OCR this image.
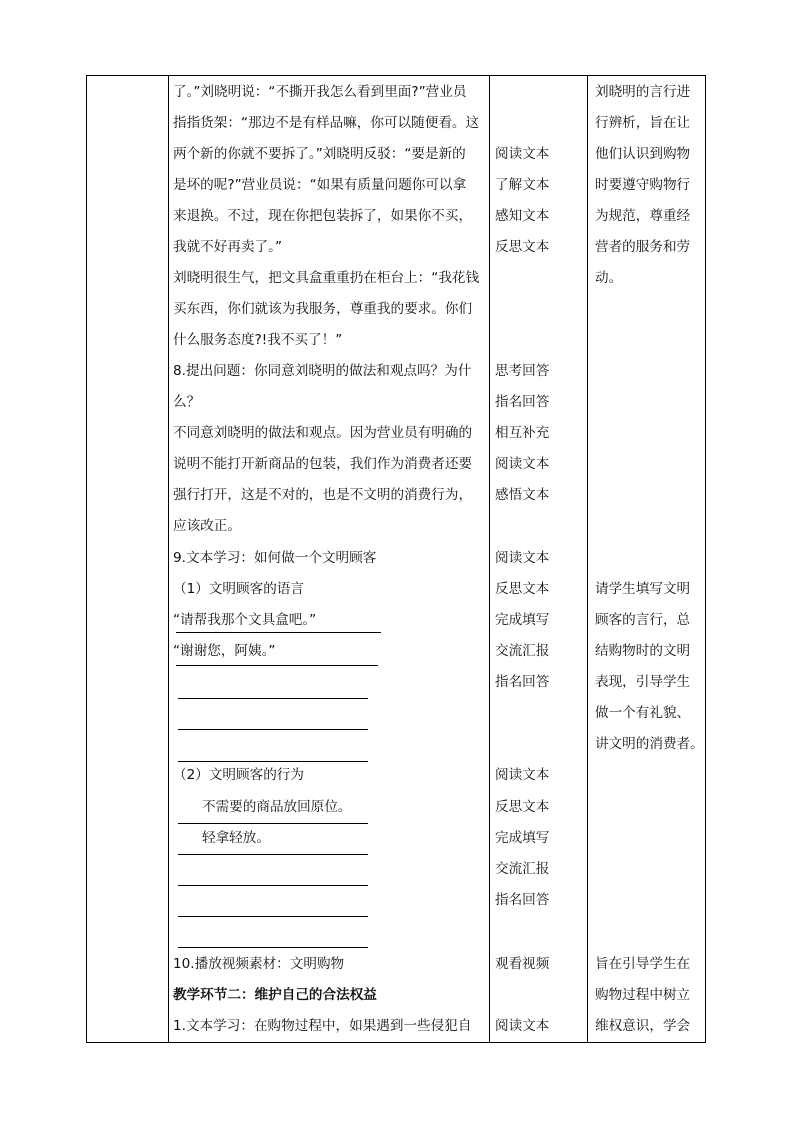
了。”刘晓明说：“不撕开我怎么看到里面?”营业员
指指货架：“那边不是有样品嘛，你可以随便看。这
两个新的你就不要拆了。”刘晓明反驳：“要是新的
是坏的呢?”营业员说：“如果有质量问题你可以拿
来退换。不过，现在你把包装拆了，如果你不买，
我就不好再卖了。”
刘晓明很生气，把文具盒重重扔在柜台上：“我花钱
买东西，你们就该为我服务，尊重我的要求。你们
什么服务态度?!我不买了！”
8.提出问题：你同意刘晓明的做法和观点吗？为什
么？
不同意刘晓明的做法和观点。因为营业员有明确的
说明不能打开新商品的包装，我们作为消费者还要
强行打开，这是不对的，也是不文明的消费行为，
应该改正。
9.文本学习：如何做一个文明顾客
（1）文明顾客的语言
“请帮我那个文具盒吧。”
“谢谢您，阿姨。”
（2）文明顾客的行为
不需要的商品放回原位。
轻拿轻放。
10.播放视频素材：文明购物
教学环节二：维护自己的合法权益
1.文本学习：在购物过程中，如果遇到一些侵犯自
阅读文本
了解文本
感知文本
反思文本
思考回答
指名回答
相互补充
阅读文本
感悟文本
阅读文本
反思文本
完成填写
交流汇报
指名回答
阅读文本
反思文本
完成填写
交流汇报
指名回答
观看视频
阅读文本
刘晓明的言行进
行辨析，旨在让
他们认识到购物
时要遵守购物行
为规范，尊重经
营者的服务和劳
动。
请学生填写文明
顾客的言行，总
结购物时的文明
表现，引导学生
做一个有礼貌、
讲文明的消费者。
旨在引导学生在
购物过程中树立
维权意识，学会
